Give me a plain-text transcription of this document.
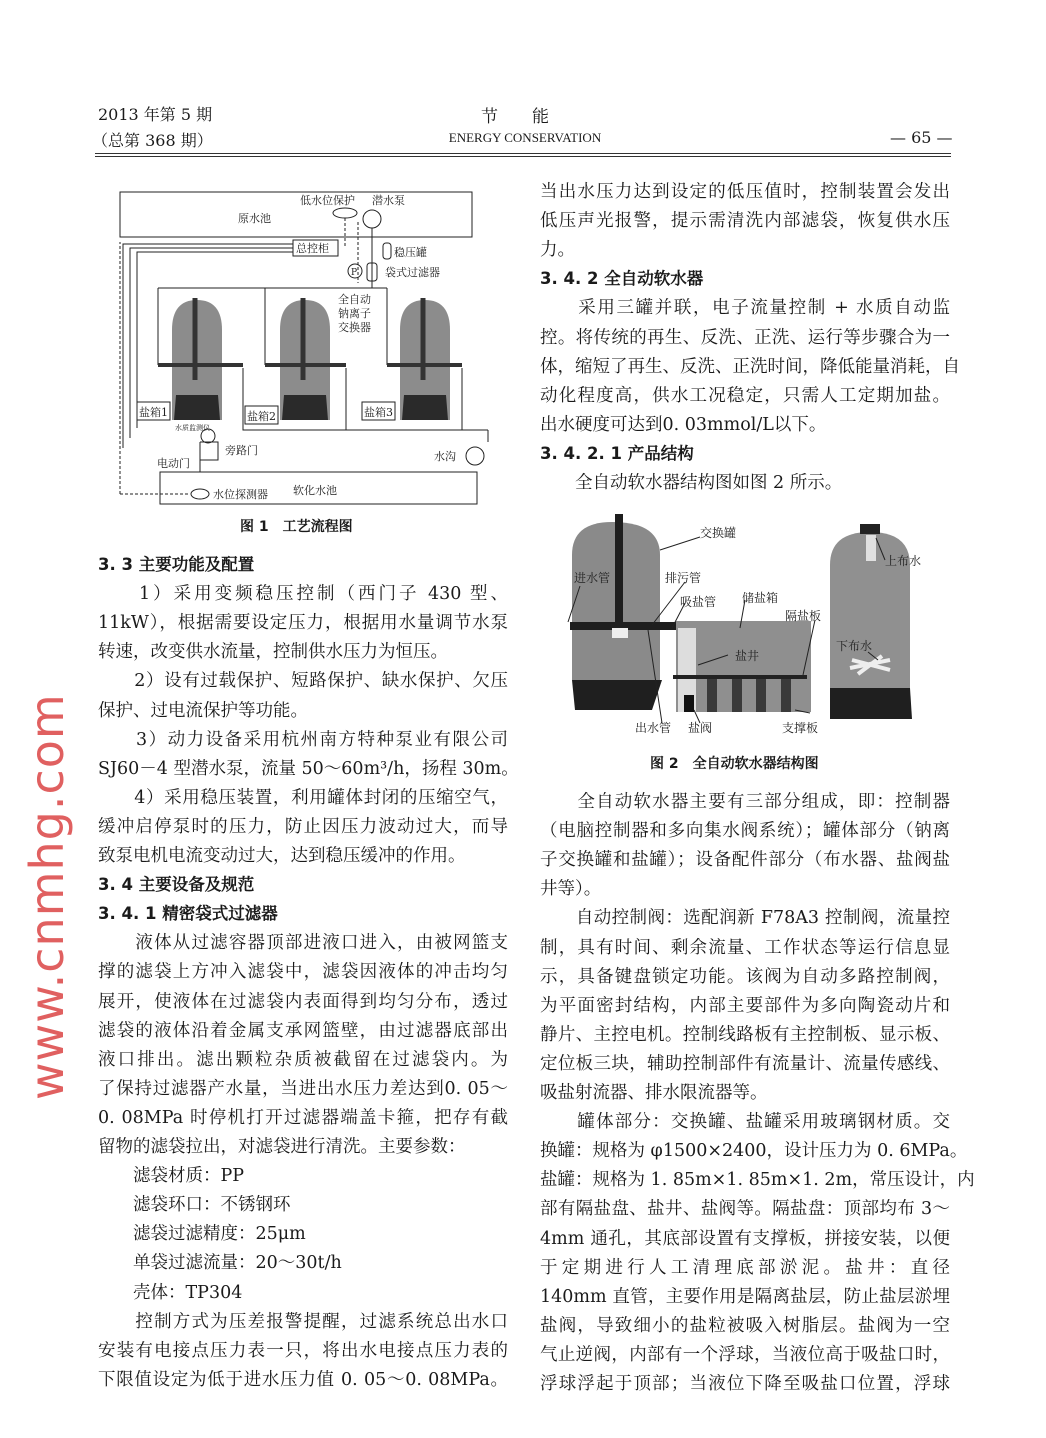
2013 年第 5 期
（总第 368 期）
节　　能
ENERGY CONSERVATION	— 65 —
原水池
低水位保护 潜水泵
总控柜	稳压罐
袋式过滤器
P
全自动
钠离子
交换器
盐箱1	盐箱2	盐箱3
水质监测仪
旁路门
电动门
水沟
水位探测器 软化水池
图 1　工艺流程图	交换罐
进水管	排污管
吸盐管 储盐箱
隔盐板
盐井
出水管 盐阀	支撑板
上布水
下布水
图 2　全自动软水器结构图
3. 3 主要功能及配置
　　1）采用变频稳压控制（西门子 430 型、
11kW），根据需要设定压力，根据用水量调节水泵
转速，改变供水流量，控制供水压力为恒压。
　　2）设有过载保护、短路保护、缺水保护、欠压
保护、过电流保护等功能。
　　3）动力设备采用杭州南方特种泵业有限公司
SJ60－4 型潜水泵，流量 50～60m³/h，扬程 30m。
　　4）采用稳压装置，利用罐体封闭的压缩空气，
缓冲启停泵时的压力，防止因压力波动过大，而导
致泵电机电流变动过大，达到稳压缓冲的作用。
3. 4 主要设备及规范
3. 4. 1 精密袋式过滤器
　　液体从过滤容器顶部进液口进入，由被网篮支
撑的滤袋上方冲入滤袋中，滤袋因液体的冲击均匀
展开，使液体在过滤袋内表面得到均匀分布，透过
滤袋的液体沿着金属支承网篮壁，由过滤器底部出
液口排出。滤出颗粒杂质被截留在过滤袋内。为
了保持过滤器产水量，当进出水压力差达到0. 05～
0. 08MPa 时停机打开过滤器端盖卡箍，把存有截
留物的滤袋拉出，对滤袋进行清洗。主要参数：
　　滤袋材质：PP
　　滤袋环口：不锈钢环
　　滤袋过滤精度：25μm
　　单袋过滤流量：20～30t/h
　　壳体：TP304
　　控制方式为压差报警提醒，过滤系统总出水口
安装有电接点压力表一只，将出水电接点压力表的
下限值设定为低于进水压力值 0. 05～0. 08MPa。
当出水压力达到设定的低压值时，控制装置会发出
低压声光报警，提示需清洗内部滤袋，恢复供水压
力。
3. 4. 2 全自动软水器
　　采用三罐并联，电子流量控制 + 水质自动监
控。将传统的再生、反洗、正洗、运行等步骤合为一
体，缩短了再生、反洗、正洗时间，降低能量消耗，自
动化程度高，供水工况稳定，只需人工定期加盐。
出水硬度可达到0. 03mmol/L以下。
3. 4. 2. 1 产品结构
　　全自动软水器结构图如图 2 所示。
　　全自动软水器主要有三部分组成，即：控制器
（电脑控制器和多向集水阀系统）；罐体部分（钠离
子交换罐和盐罐）；设备配件部分（布水器、盐阀盐
井等）。
　　自动控制阀：选配润新 F78A3 控制阀，流量控
制，具有时间、剩余流量、工作状态等运行信息显
示，具备键盘锁定功能。该阀为自动多路控制阀，
为平面密封结构，内部主要部件为多向陶瓷动片和
静片、主控电机。控制线路板有主控制板、显示板、
定位板三块，辅助控制部件有流量计、流量传感线、
吸盐射流器、排水限流器等。
　　罐体部分：交换罐、盐罐采用玻璃钢材质。交
换罐：规格为 φ1500×2400，设计压力为 0. 6MPa。
盐罐：规格为 1. 85m×1. 85m×1. 2m，常压设计，内
部有隔盐盘、盐井、盐阀等。隔盐盘：顶部均布 3～
4mm 通孔，其底部设置有支撑板，拼接安装，以便
于定期进行人工清理底部淤泥。盐井：直径
140mm 直管，主要作用是隔离盐层，防止盐层淤埋
盐阀，导致细小的盐粒被吸入树脂层。盐阀为一空
气止逆阀，内部有一个浮球，当液位高于吸盐口时，
浮球浮起于顶部；当液位下降至吸盐口位置，浮球
www.cnmhg.com
